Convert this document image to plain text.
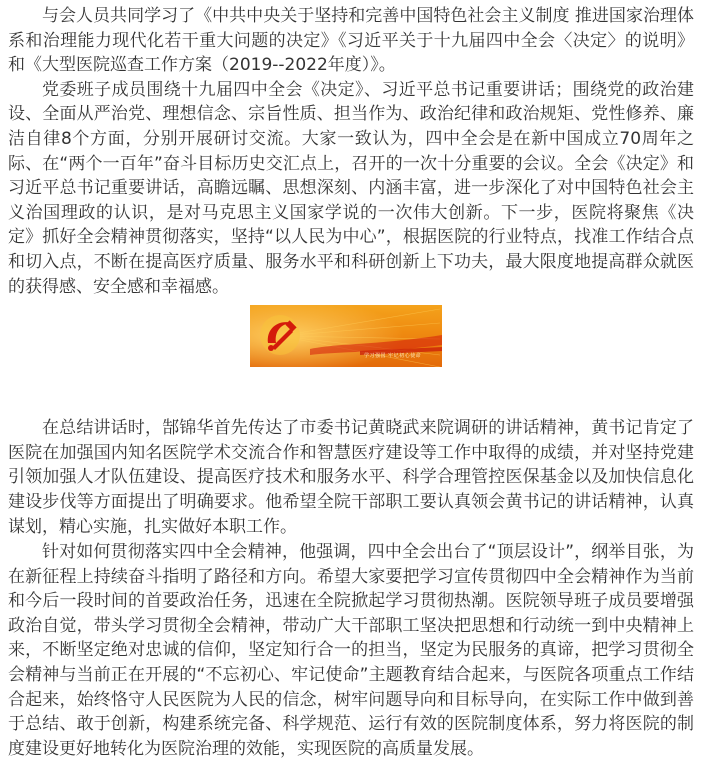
与会人员共同学习了《中共中央关于坚持和完善中国特色社会主义制度 推进国家治理体系和治理能力现代化若干重大问题的决定》《习近平关于十九届四中全会〈决定〉的说明》和《大型医院巡查工作方案（2019--2022年度）》。

党委班子成员围绕十九届四中全会《决定》、习近平总书记重要讲话；围绕党的政治建设、全面从严治党、理想信念、宗旨性质、担当作为、政治纪律和政治规矩、党性修养、廉洁自律8个方面，分别开展研讨交流。大家一致认为，四中全会是在新中国成立70周年之际、在“两个一百年”奋斗目标历史交汇点上，召开的一次十分重要的会议。全会《决定》和习近平总书记重要讲话，高瞻远瞩、思想深刻、内涵丰富，进一步深化了对中国特色社会主义治国理政的认识，是对马克思主义国家学说的一次伟大创新。下一步，医院将聚焦《决定》抓好全会精神贯彻落实，坚持“以人民为中心”，根据医院的行业特点，找准工作结合点和切入点，不断在提高医疗质量、服务水平和科研创新上下功夫，最大限度地提高群众就医的获得感、安全感和幸福感。

学习强国 牢记初心使命

在总结讲话时，郜锦华首先传达了市委书记黄晓武来院调研的讲话精神，黄书记肯定了医院在加强国内知名医院学术交流合作和智慧医疗建设等工作中取得的成绩，并对坚持党建引领加强人才队伍建设、提高医疗技术和服务水平、科学合理管控医保基金以及加快信息化建设步伐等方面提出了明确要求。他希望全院干部职工要认真领会黄书记的讲话精神，认真谋划，精心实施，扎实做好本职工作。

针对如何贯彻落实四中全会精神，他强调，四中全会出台了“顶层设计”，纲举目张，为在新征程上持续奋斗指明了路径和方向。希望大家要把学习宣传贯彻四中全会精神作为当前和今后一段时间的首要政治任务，迅速在全院掀起学习贯彻热潮。医院领导班子成员要增强政治自觉，带头学习贯彻全会精神，带动广大干部职工坚决把思想和行动统一到中央精神上来，不断坚定绝对忠诚的信仰，坚定知行合一的担当，坚定为民服务的真谛，把学习贯彻全会精神与当前正在开展的“不忘初心、牢记使命”主题教育结合起来，与医院各项重点工作结合起来，始终恪守人民医院为人民的信念，树牢问题导向和目标导向，在实际工作中做到善于总结、敢于创新，构建系统完备、科学规范、运行有效的医院制度体系，努力将医院的制度建设更好地转化为医院治理的效能，实现医院的高质量发展。
